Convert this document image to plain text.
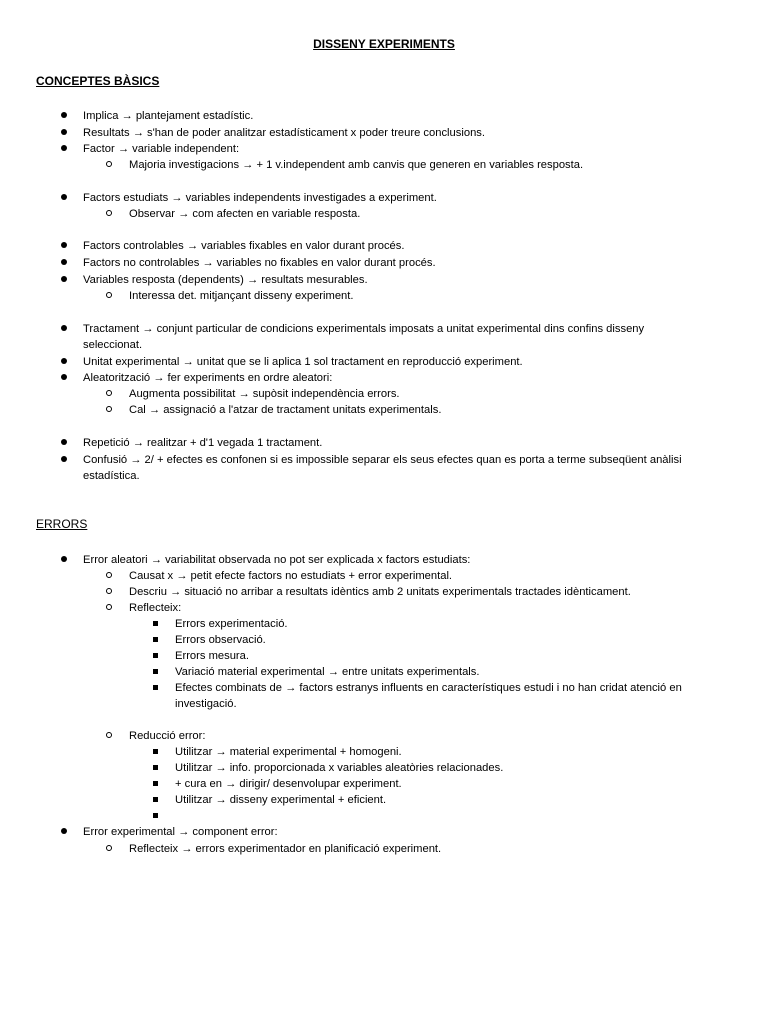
DISSENY EXPERIMENTS
CONCEPTES BÀSICS
Implica → plantejament estadístic.
Resultats → s'han de poder analitzar estadísticament x poder treure conclusions.
Factor → variable independent:
Majoria investigacions → + 1 v.independent amb canvis que generen en variables resposta.
Factors estudiats → variables independents investigades a experiment.
Observar → com afecten en variable resposta.
Factors controlables → variables fixables en valor durant procés.
Factors no controlables → variables no fixables en valor durant procés.
Variables resposta (dependents) → resultats mesurables.
Interessa det. mitjançant disseny experiment.
Tractament → conjunt particular de condicions experimentals imposats a unitat experimental dins confins disseny
seleccionat.
Unitat experimental → unitat que se li aplica 1 sol tractament en reproducció experiment.
Aleatorització → fer experiments en ordre aleatori:
Augmenta possibilitat → supòsit independència errors.
Cal → assignació a l'atzar de tractament unitats experimentals.
Repetició → realitzar + d'1 vegada 1 tractament.
Confusió → 2/ + efectes es confonen si es impossible separar els seus efectes quan es porta a terme subseqüent anàlisi
estadística.
ERRORS
Error aleatori → variabilitat observada no pot ser explicada x factors estudiats:
Causat x → petit efecte factors no estudiats + error experimental.
Descriu → situació no arribar a resultats idèntics amb 2 unitats experimentals tractades idènticament.
Reflecteix:
Errors experimentació.
Errors observació.
Errors mesura.
Variació material experimental → entre unitats experimentals.
Efectes combinats de → factors estranys influents en característiques estudi i no han cridat atenció en
investigació.
Reducció error:
Utilitzar → material experimental + homogeni.
Utilitzar → info. proporcionada x variables aleatòries relacionades.
+ cura en → dirigir/ desenvolupar experiment.
Utilitzar → disseny experimental + eficient.
Error experimental → component error:
Reflecteix → errors experimentador en planificació experiment.
